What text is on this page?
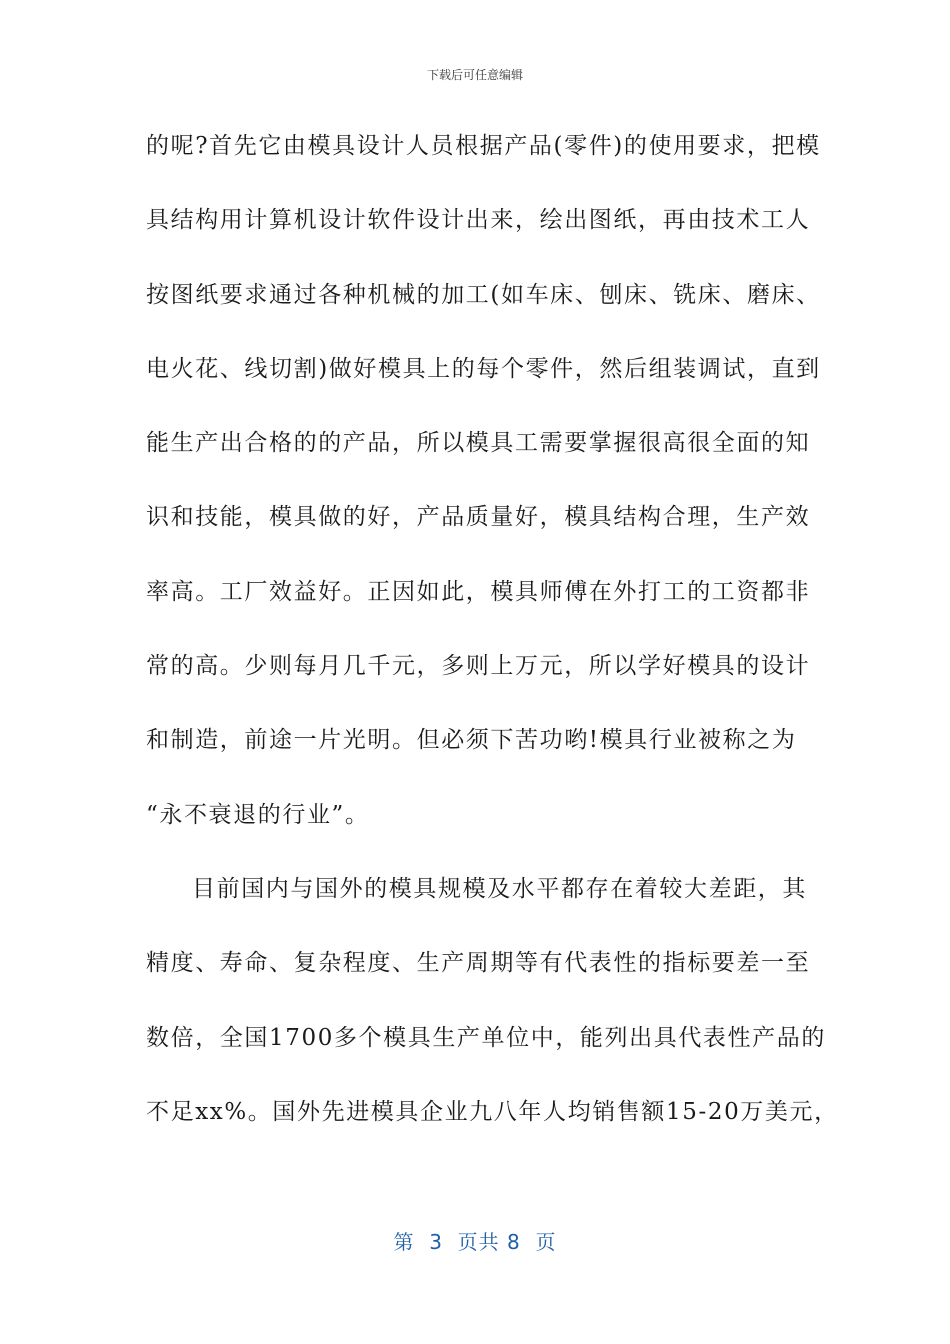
下载后可任意编辑
的呢?首先它由模具设计人员根据产品(零件)的使用要求，把模
具结构用计算机设计软件设计出来，绘出图纸，再由技术工人
按图纸要求通过各种机械的加工(如车床、刨床、铣床、磨床、
电火花、线切割)做好模具上的每个零件，然后组装调试，直到
能生产出合格的的产品，所以模具工需要掌握很高很全面的知
识和技能，模具做的好，产品质量好，模具结构合理，生产效
率高。工厂效益好。正因如此，模具师傅在外打工的工资都非
常的高。少则每月几千元，多则上万元，所以学好模具的设计
和制造，前途一片光明。但必须下苦功哟!模具行业被称之为
“永不衰退的行业”。
目前国内与国外的模具规模及水平都存在着较大差距，其
精度、寿命、复杂程度、生产周期等有代表性的指标要差一至
数倍，全国1700多个模具生产单位中，能列出具代表性产品的
不足xx%。国外先进模具企业九八年人均销售额15-20万美元，
第  3  页共 8  页
